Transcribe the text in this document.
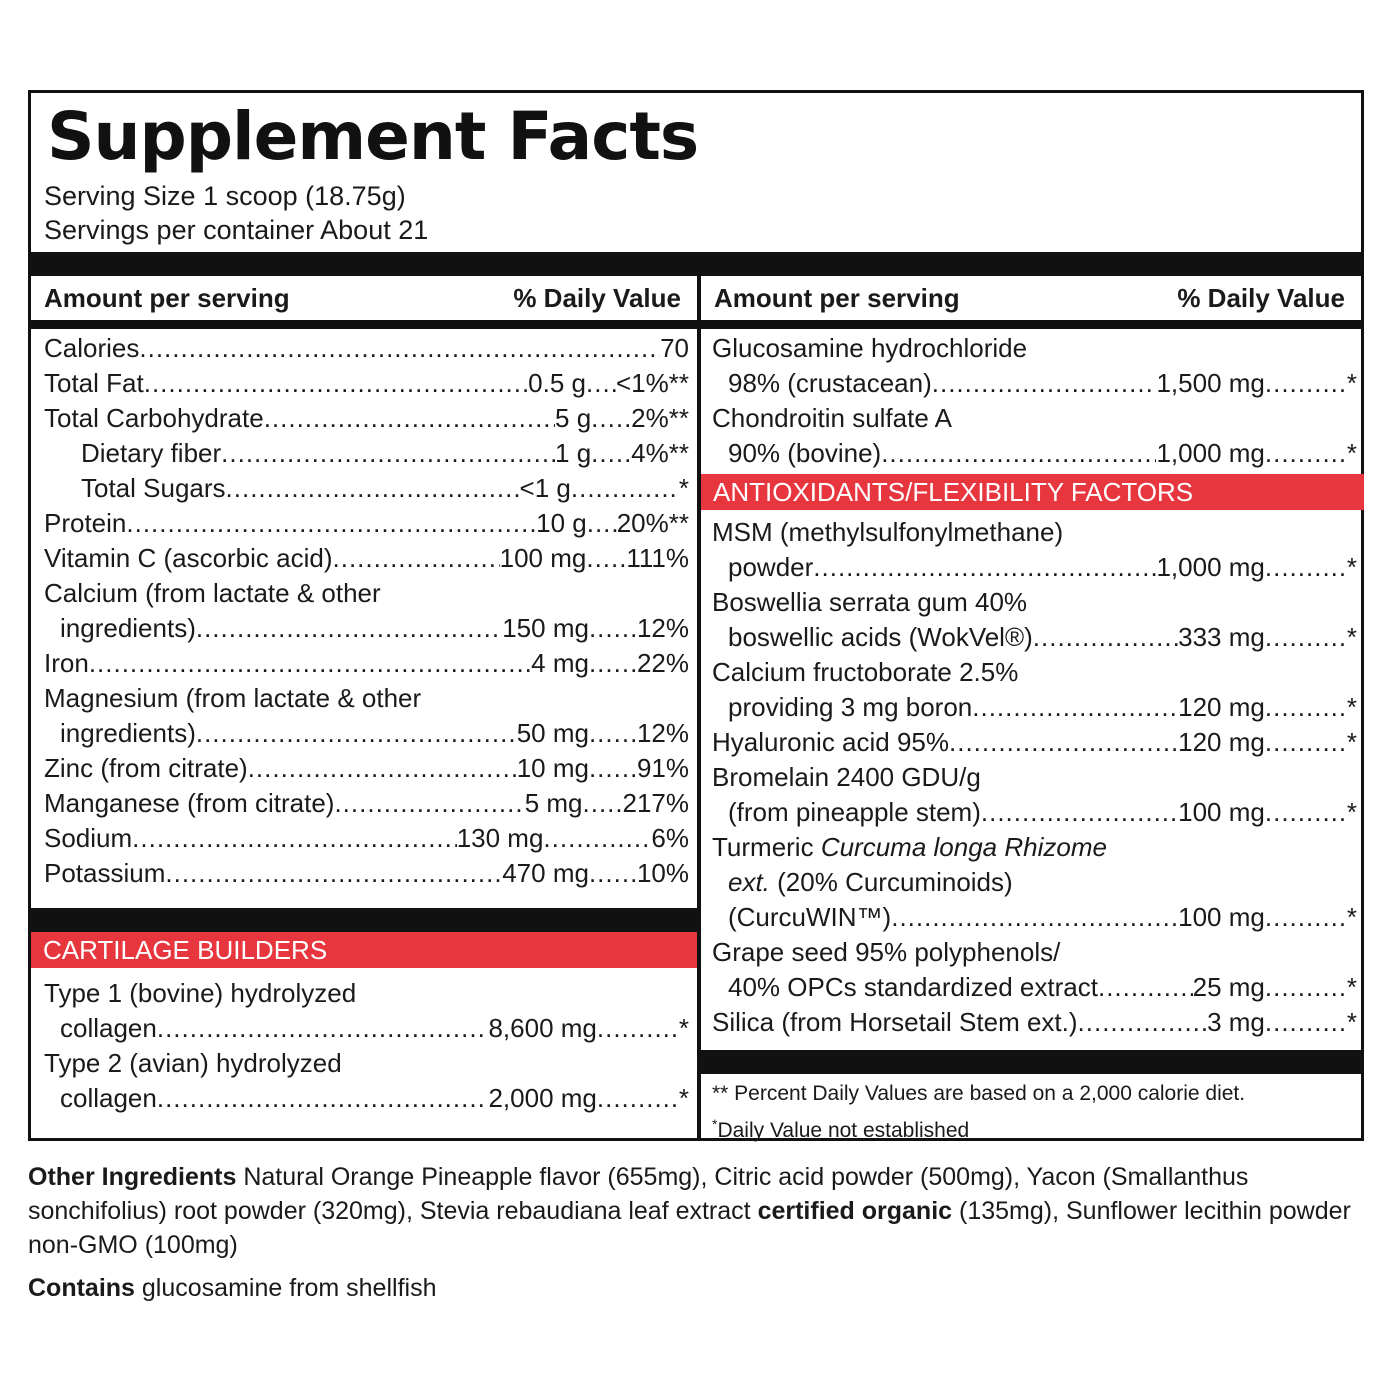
Supplement Facts
Serving Size 1 scoop (18.75g)
Servings per container About 21
Amount per serving	% Daily Value Amount per serving	% Daily Value
Calories .....	70
Total Fat .....	0.5 g ..... <1%**
Total Carbohydrate .....	5 g ..... 2%**
Dietary fiber .....	1 g ..... 4%**
Total Sugars .....	<1 g .....	*
Protein .....	10 g ..... 20%**
Vitamin C (ascorbic acid) .....	100 mg ..... 111%
Calcium (from lactate & other
ingredients) .....	150 mg ..... 12%
Iron .....	4 mg ..... 22%
Magnesium (from lactate & other
ingredients) .....	50 mg ..... 12%
Zinc (from citrate) .....	10 mg ..... 91%
Manganese (from citrate) .....	5 mg ..... 217%
Sodium .....	130 mg .....	6%
Potassium .....	470 mg ..... 10%
CARTILAGE BUILDERS
Type 1 (bovine) hydrolyzed
collagen .....	8,600 mg .....	*
Type 2 (avian) hydrolyzed
collagen .....	2,000 mg .....	*
Glucosamine hydrochloride
98% (crustacean) .....	1,500 mg .....	*
Chondroitin sulfate A
90% (bovine) .....	1,000 mg .....	*
ANTIOXIDANTS/FLEXIBILITY FACTORS
MSM (methylsulfonylmethane)
powder .....	1,000 mg .....	*
Boswellia serrata gum 40%
boswellic acids (WokVel®) .....	333 mg .....	*
Calcium fructoborate 2.5%
providing 3 mg boron .....	120 mg .....	*
Hyaluronic acid 95% .....	120 mg .....	*
Bromelain 2400 GDU/g
(from pineapple stem) .....	100 mg .....	*
Turmeric Curcuma longa Rhizome
ext. (20% Curcuminoids)
(CurcuWIN™) .....	100 mg .....	*
Grape seed 95% polyphenols/
40% OPCs standardized extract .....	25 mg .....	*
Silica (from Horsetail Stem ext.) .....	3 mg .....	*
** Percent Daily Values are based on a 2,000 calorie diet.
*Daily Value not established
Other Ingredients Natural Orange Pineapple flavor (655mg), Citric acid powder (500mg), Yacon (Smallanthus sonchifolius) root powder (320mg), Stevia rebaudiana leaf extract certified organic (135mg), Sunflower lecithin powder non-GMO (100mg)
Contains glucosamine from shellfish
